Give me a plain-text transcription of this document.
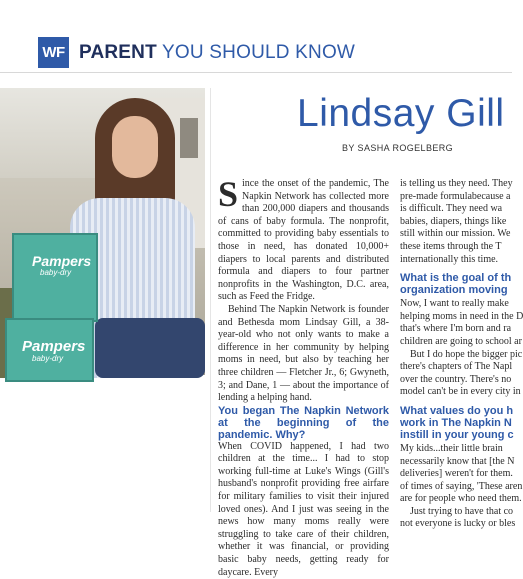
WF PARENT YOU SHOULD KNOW
Pampers
baby-dry
Pampers
baby-dry
Lindsay Gill
BY SASHA ROGELBERG

Since the onset of the pandemic, The Napkin Network has collected more than 200,000 diapers and thousands of cans of baby formula. The nonprofit, committed to providing baby essentials to those in need, has donated 10,000+ diapers to local parents and distributed formula and diapers to four partner nonprofits in the Washington, D.C. area, such as Feed the Fridge.

Behind The Napkin Network is founder and Bethesda mom Lindsay Gill, a 38-year-old who not only wants to make a difference in her community by helping moms in need, but also by teaching her three children — Fletcher Jr., 6; Gwyneth, 3; and Dane, 1 — about the importance of lending a helping hand.

You began The Napkin Network at the beginning of the pandemic. Why?

When COVID happened, I had two children at the time... I had to stop working full-time at Luke's Wings (Gill's husband's nonprofit providing free airfare for military families to visit their injured loved ones). And I just was seeing in the news how many moms really were struggling to take care of their children, whether it was financial, or providing basic baby needs, getting ready for daycare. Every

is telling us they need. They

pre-made formulabecause a

is difficult. They need wa

babies, diapers, things like

still within our mission. We

these items through the T

internationally this time.

What is the goal of th
organization moving

Now, I want to really make

helping moms in need in the D

that's where I'm born and ra

children are going to school ar

But I do hope the bigger pic

there's chapters of The Napl

over the country. There's no

model can't be in every city in

What values do you h
work in The Napkin N
instill in your young c

My kids...their little brain

necessarily know that [the N

deliveries] weren't for them.

of times of saying, 'These aren

are for people who need them.

Just trying to have that co

not everyone is lucky or bles
